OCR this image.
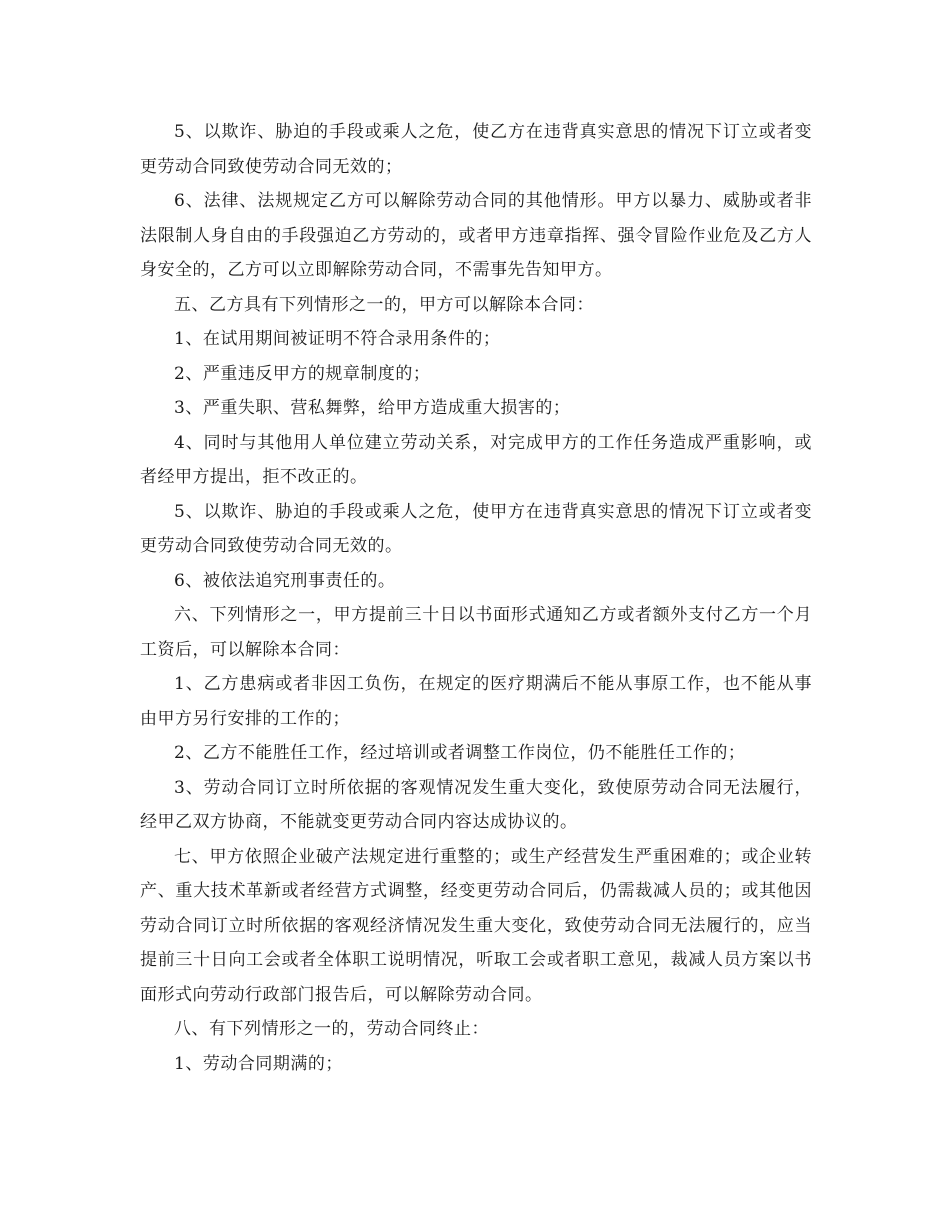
5、以欺诈、胁迫的手段或乘人之危，使乙方在违背真实意思的情况下订立或者变更劳动合同致使劳动合同无效的；

6、法律、法规规定乙方可以解除劳动合同的其他情形。甲方以暴力、威胁或者非法限制人身自由的手段强迫乙方劳动的，或者甲方违章指挥、强令冒险作业危及乙方人身安全的，乙方可以立即解除劳动合同，不需事先告知甲方。

五、乙方具有下列情形之一的，甲方可以解除本合同：

1、在试用期间被证明不符合录用条件的；

2、严重违反甲方的规章制度的；

3、严重失职、营私舞弊，给甲方造成重大损害的；

4、同时与其他用人单位建立劳动关系，对完成甲方的工作任务造成严重影响，或者经甲方提出，拒不改正的。

5、以欺诈、胁迫的手段或乘人之危，使甲方在违背真实意思的情况下订立或者变更劳动合同致使劳动合同无效的。

6、被依法追究刑事责任的。

六、下列情形之一，甲方提前三十日以书面形式通知乙方或者额外支付乙方一个月工资后，可以解除本合同：

1、乙方患病或者非因工负伤，在规定的医疗期满后不能从事原工作，也不能从事由甲方另行安排的工作的；

2、乙方不能胜任工作，经过培训或者调整工作岗位，仍不能胜任工作的；

3、劳动合同订立时所依据的客观情况发生重大变化，致使原劳动合同无法履行，经甲乙双方协商，不能就变更劳动合同内容达成协议的。

七、甲方依照企业破产法规定进行重整的；或生产经营发生严重困难的；或企业转产、重大技术革新或者经营方式调整，经变更劳动合同后，仍需裁减人员的；或其他因劳动合同订立时所依据的客观经济情况发生重大变化，致使劳动合同无法履行的，应当提前三十日向工会或者全体职工说明情况，听取工会或者职工意见，裁减人员方案以书面形式向劳动行政部门报告后，可以解除劳动合同。

八、有下列情形之一的，劳动合同终止：

1、劳动合同期满的；
